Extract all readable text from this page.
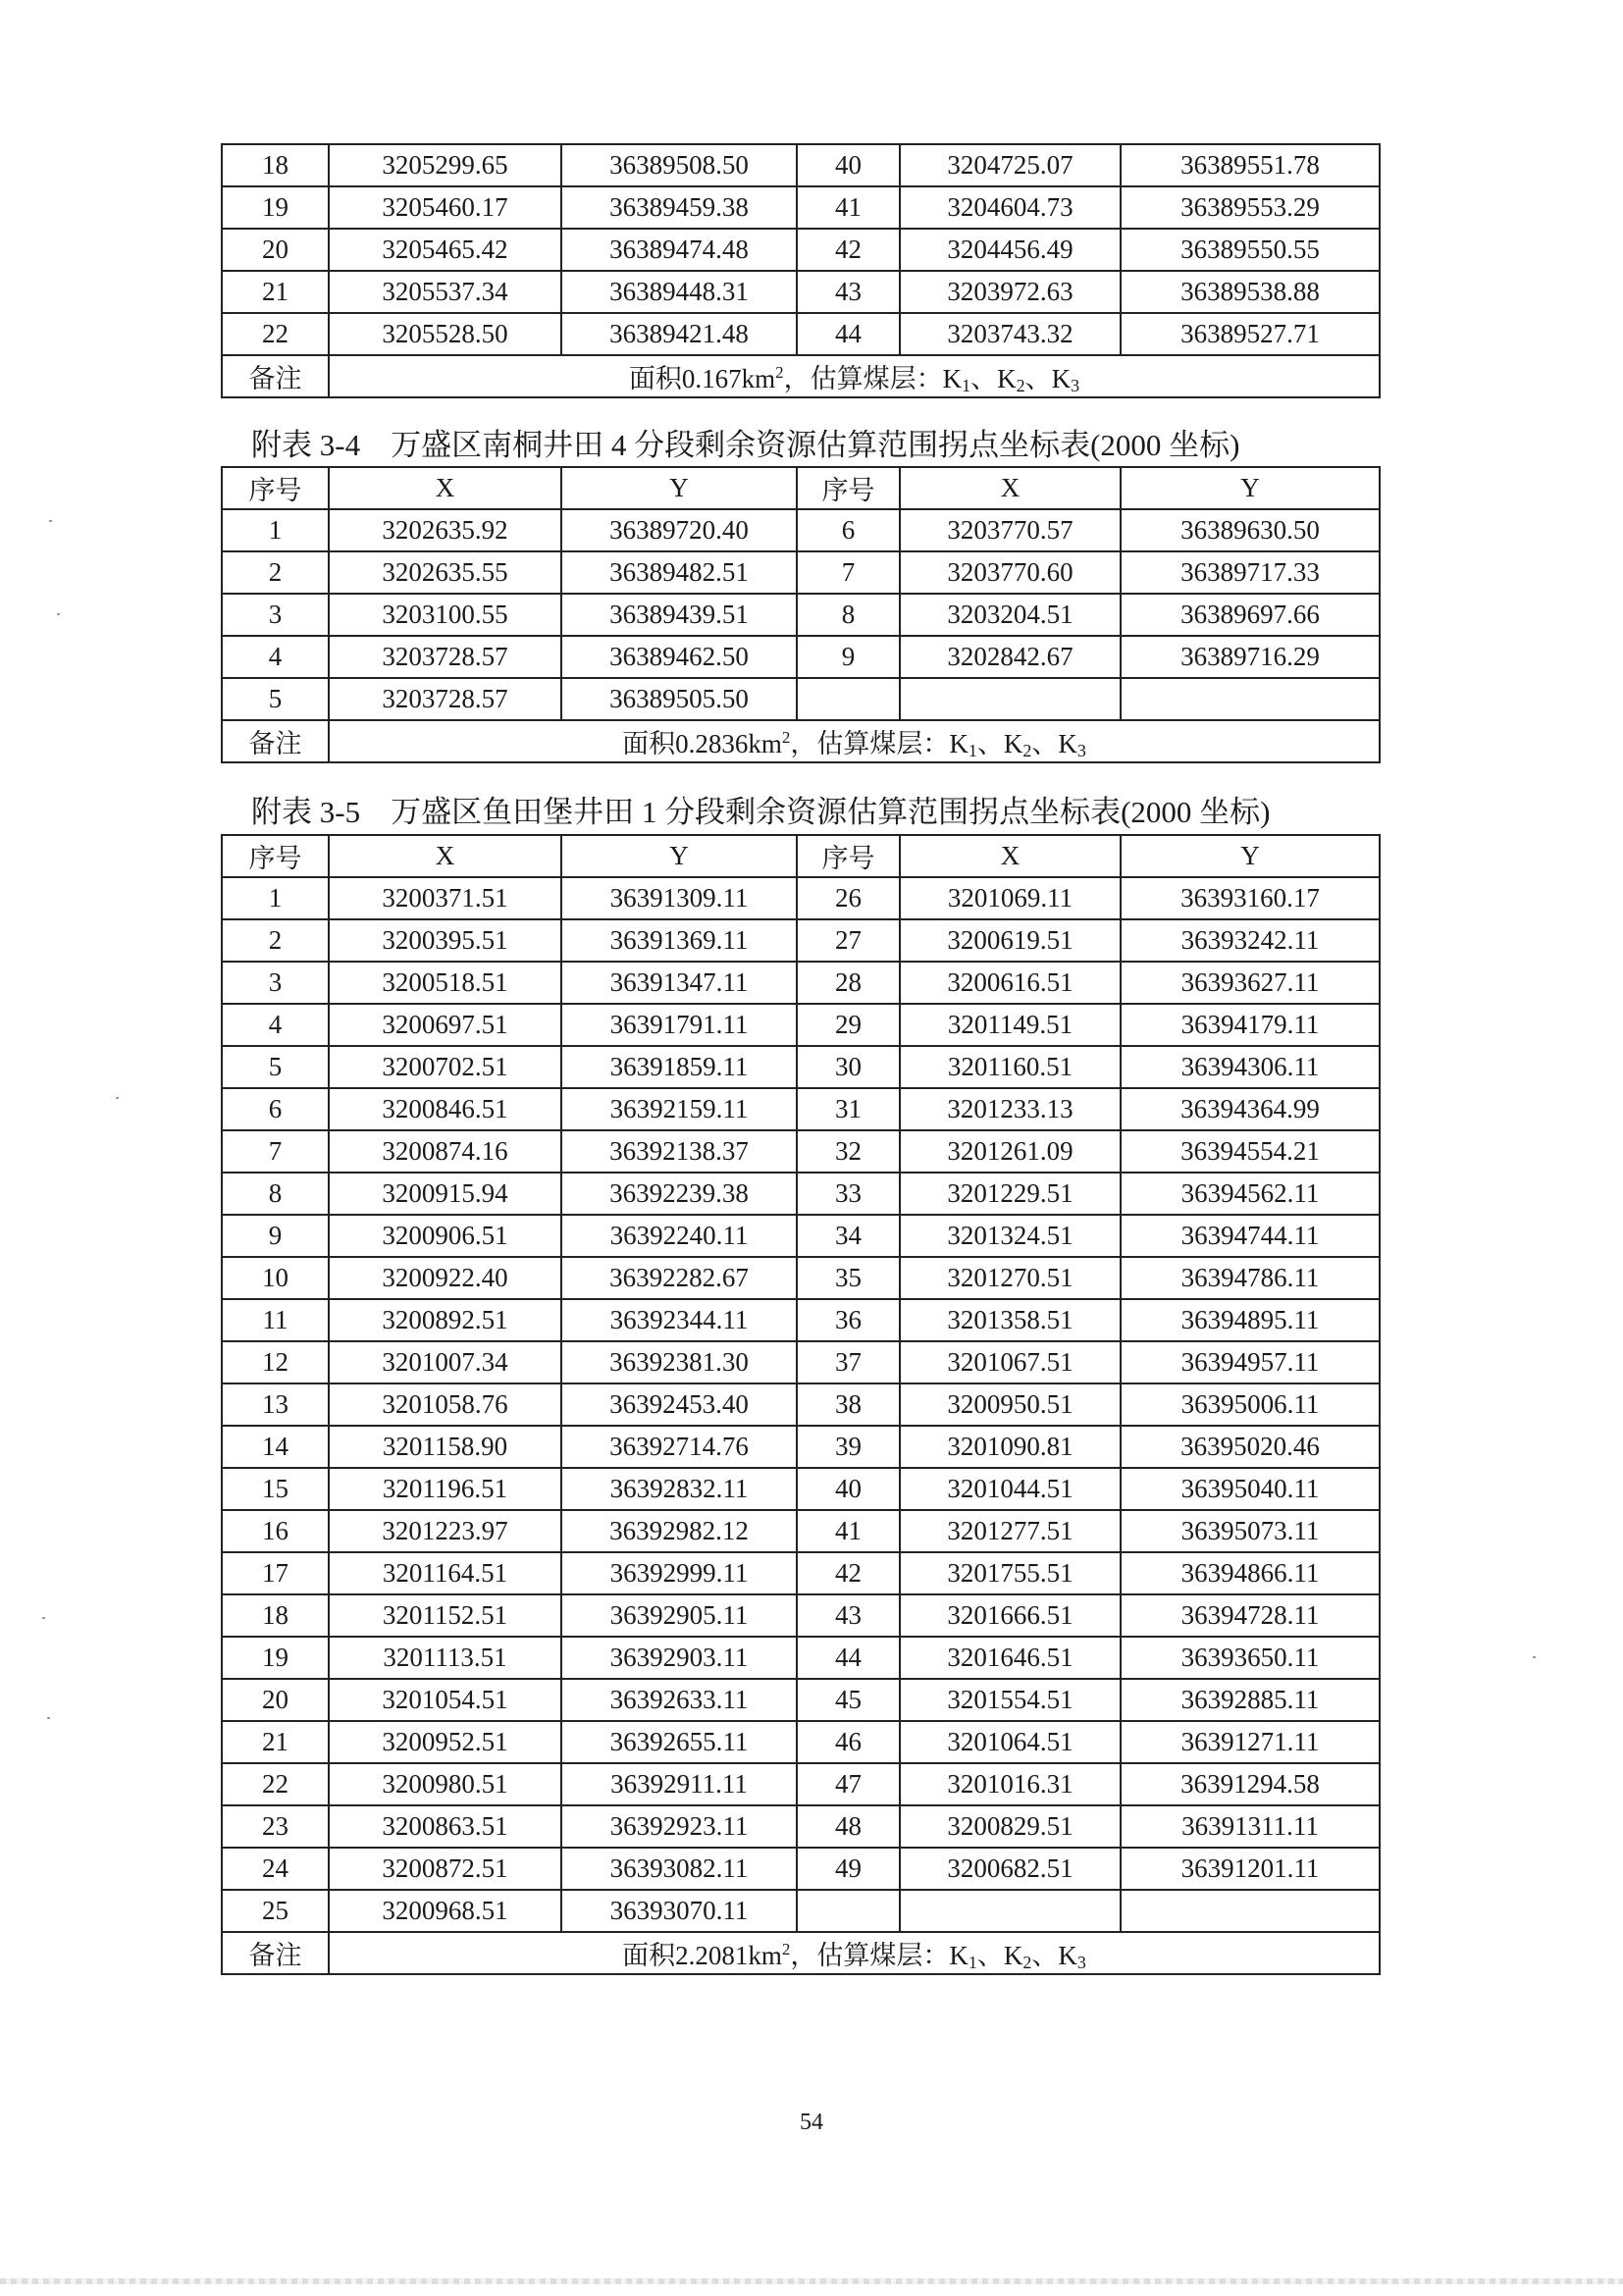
18	3205299.65	36389508.50	40	3204725.07	36389551.78
19	3205460.17	36389459.38	41	3204604.73	36389553.29
20	3205465.42	36389474.48	42	3204456.49	36389550.55
21	3205537.34	36389448.31	43	3203972.63	36389538.88
22	3205528.50	36389421.48	44	3203743.32	36389527.71
备注	面积$0.167km^2$，估算煤层：$K_1$、$K_2$、$K_3$
附表 3-4　万盛区南桐井田 4 分段剩余资源估算范围拐点坐标表(2000 坐标)
序号	X	Y	序号	X	Y
1	3202635.92	36389720.40	6	3203770.57	36389630.50
2	3202635.55	36389482.51	7	3203770.60	36389717.33
3	3203100.55	36389439.51	8	3203204.51	36389697.66
4	3203728.57	36389462.50	9	3202842.67	36389716.29
5	3203728.57	36389505.50			
备注	面积$0.2836km^2$，估算煤层：$K_1$、$K_2$、$K_3$
附表 3-5　万盛区鱼田堡井田 1 分段剩余资源估算范围拐点坐标表(2000 坐标)
序号	X	Y	序号	X	Y
1	3200371.51	36391309.11	26	3201069.11	36393160.17
2	3200395.51	36391369.11	27	3200619.51	36393242.11
3	3200518.51	36391347.11	28	3200616.51	36393627.11
4	3200697.51	36391791.11	29	3201149.51	36394179.11
5	3200702.51	36391859.11	30	3201160.51	36394306.11
6	3200846.51	36392159.11	31	3201233.13	36394364.99
7	3200874.16	36392138.37	32	3201261.09	36394554.21
8	3200915.94	36392239.38	33	3201229.51	36394562.11
9	3200906.51	36392240.11	34	3201324.51	36394744.11
10	3200922.40	36392282.67	35	3201270.51	36394786.11
11	3200892.51	36392344.11	36	3201358.51	36394895.11
12	3201007.34	36392381.30	37	3201067.51	36394957.11
13	3201058.76	36392453.40	38	3200950.51	36395006.11
14	3201158.90	36392714.76	39	3201090.81	36395020.46
15	3201196.51	36392832.11	40	3201044.51	36395040.11
16	3201223.97	36392982.12	41	3201277.51	36395073.11
17	3201164.51	36392999.11	42	3201755.51	36394866.11
18	3201152.51	36392905.11	43	3201666.51	36394728.11
19	3201113.51	36392903.11	44	3201646.51	36393650.11
20	3201054.51	36392633.11	45	3201554.51	36392885.11
21	3200952.51	36392655.11	46	3201064.51	36391271.11
22	3200980.51	36392911.11	47	3201016.31	36391294.58
23	3200863.51	36392923.11	48	3200829.51	36391311.11
24	3200872.51	36393082.11	49	3200682.51	36391201.11
25	3200968.51	36393070.11			
备注	面积$2.2081km^2$，估算煤层：$K_1$、$K_2$、$K_3$
54
